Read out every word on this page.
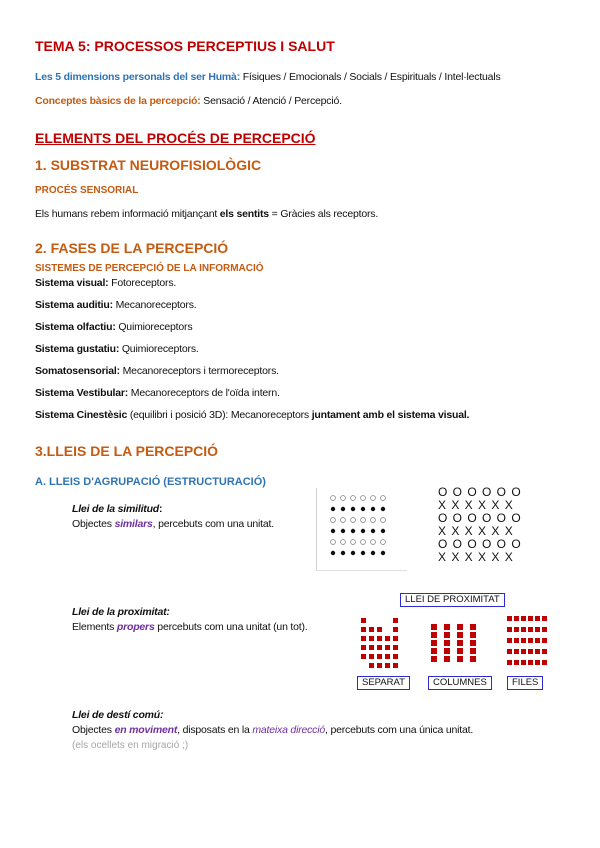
TEMA 5: PROCESSOS PERCEPTIUS I SALUT
Les 5 dimensions personals del ser Humà: Físiques / Emocionals / Socials / Espirituals / Intel·lectuals
Conceptes bàsics de la percepció: Sensació / Atenció / Percepció.
ELEMENTS DEL PROCÉS DE PERCEPCIÓ
1. SUBSTRAT NEUROFISIOLÒGIC
PROCÉS SENSORIAL
Els humans rebem informació mitjançant els sentits = Gràcies als receptors.
2. FASES DE LA PERCEPCIÓ
SISTEMES DE PERCEPCIÓ DE LA INFORMACIÓ
Sistema visual: Fotoreceptors.
Sistema auditiu: Mecanoreceptors.
Sistema olfactiu: Quimioreceptors
Sistema gustatiu: Quimioreceptors.
Somatosensorial: Mecanoreceptors i termoreceptors.
Sistema Vestibular: Mecanoreceptors de l'oïda intern.
Sistema Cinestèsic (equilibri i posició 3D): Mecanoreceptors juntament amb el sistema visual.
3.LLEIS DE LA PERCEPCIÓ
A. LLEIS D'AGRUPACIÓ (ESTRUCTURACIÓ)
Llei de la similitud:
Objectes similars, percebuts com una unitat.
O O O O O O
X X X X X X
O O O O O O
X X X X X X
O O O O O O
X X X X X X
Llei de la proximitat:
Elements propers percebuts com una unitat (un tot).
LLEI DE PROXIMITAT
SEPARAT	COLUMNES	FILES
Llei de destí comú:
Objectes en moviment, disposats en la mateixa direcció, percebuts com una única unitat.
(els ocellets en migració ;)
